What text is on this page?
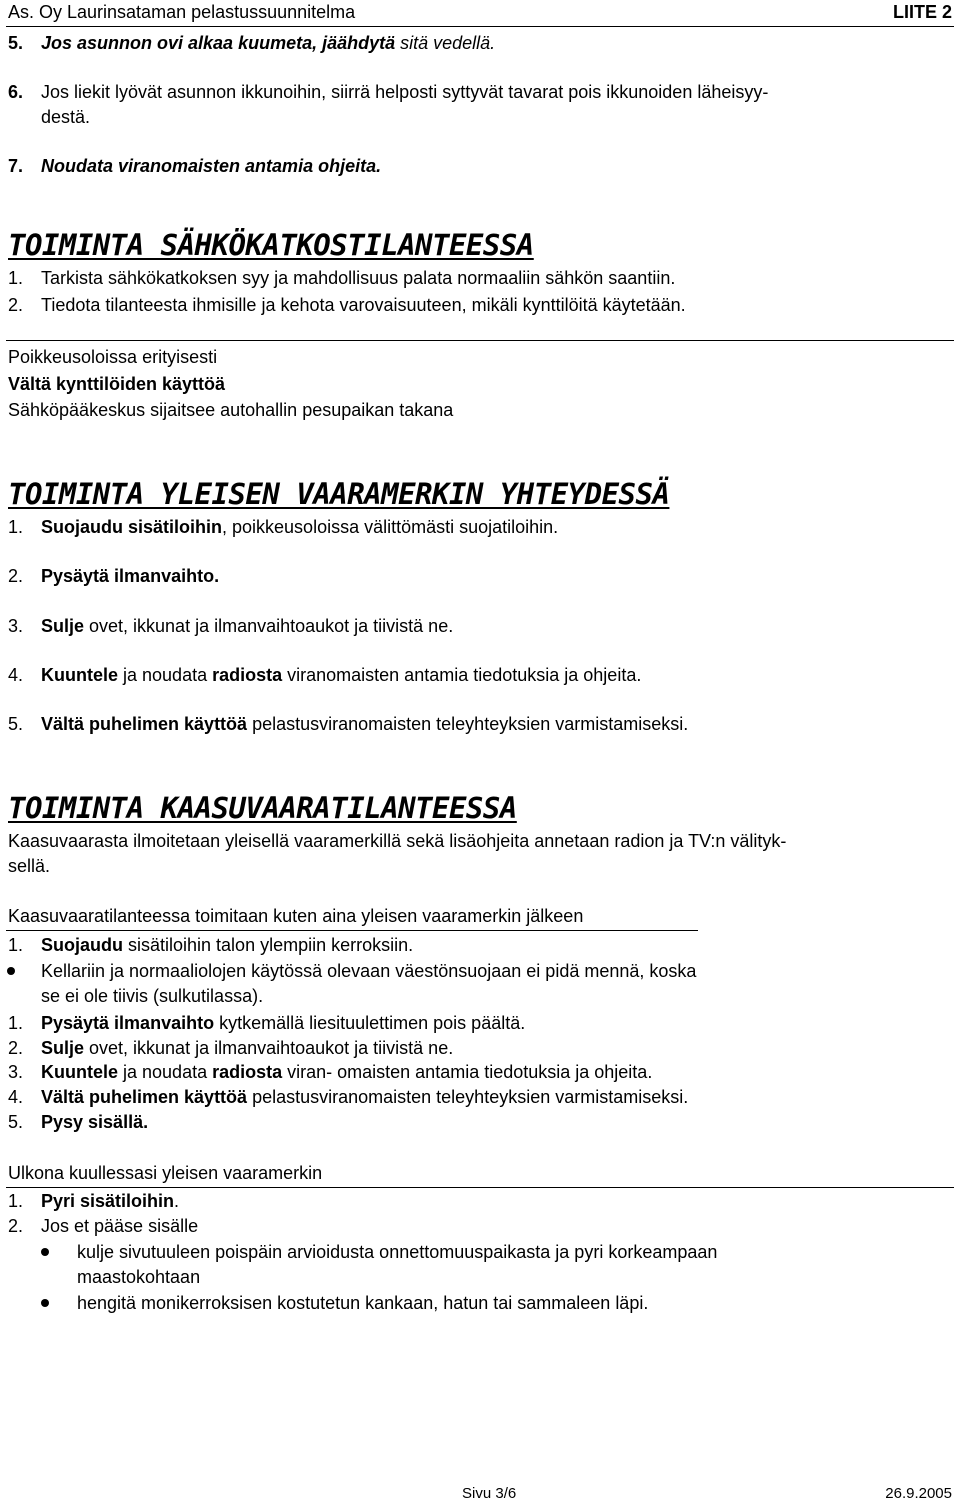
As. Oy Laurinsataman pelastussuunnitelma	LIITE 2
5. Jos asunnon ovi alkaa kuumeta, jäähdytä sitä vedellä.
6. Jos liekit lyövät asunnon ikkunoihin, siirrä helposti syttyvät tavarat pois ikkunoiden läheisyy-
destä.
7. Noudata viranomaisten antamia ohjeita.
TOIMINTA SÄHKÖKATKOSTILANTEESSA
1. Tarkista sähkökatkoksen syy ja mahdollisuus palata normaaliin sähkön saantiin.
2. Tiedota tilanteesta ihmisille ja kehota varovaisuuteen, mikäli kynttilöitä käytetään.
Poikkeusoloissa erityisesti
Vältä kynttilöiden käyttöä
Sähköpääkeskus sijaitsee autohallin pesupaikan takana
TOIMINTA YLEISEN VAARAMERKIN YHTEYDESSÄ
1. Suojaudu sisätiloihin, poikkeusoloissa välittömästi suojatiloihin.
2. Pysäytä ilmanvaihto.
3. Sulje ovet, ikkunat ja ilmanvaihtoaukot ja tiivistä ne.
4. Kuuntele ja noudata radiosta viranomaisten antamia tiedotuksia ja ohjeita.
5. Vältä puhelimen käyttöä pelastusviranomaisten teleyhteyksien varmistamiseksi.
TOIMINTA KAASUVAARATILANTEESSA
Kaasuvaarasta ilmoitetaan yleisellä vaaramerkillä sekä lisäohjeita annetaan radion ja TV:n välityk-
sellä.
Kaasuvaaratilanteessa toimitaan kuten aina yleisen vaaramerkin jälkeen
1. Suojaudu sisätiloihin talon ylempiin kerroksiin.
Kellariin ja normaaliolojen käytössä olevaan väestönsuojaan ei pidä mennä, koska
se ei ole tiivis (sulkutilassa).
1. Pysäytä ilmanvaihto kytkemällä liesituulettimen pois päältä.
2. Sulje ovet, ikkunat ja ilmanvaihtoaukot ja tiivistä ne.
3. Kuuntele ja noudata radiosta viran- omaisten antamia tiedotuksia ja ohjeita.
4. Vältä puhelimen käyttöä pelastusviranomaisten teleyhteyksien varmistamiseksi.
5. Pysy sisällä.
Ulkona kuullessasi yleisen vaaramerkin
1. Pyri sisätiloihin.
2. Jos et pääse sisälle
kulje sivutuuleen poispäin arvioidusta onnettomuuspaikasta ja pyri korkeampaan
maastokohtaan
hengitä monikerroksisen kostutetun kankaan, hatun tai sammaleen läpi.
Sivu 3/6	26.9.2005
